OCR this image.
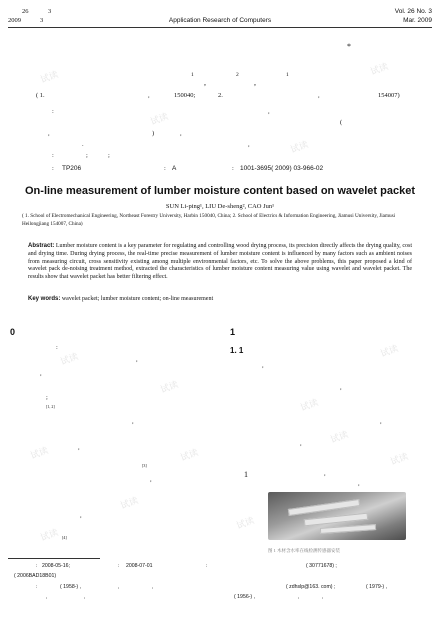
26	3
2009	3	Application Research of Computers
Vol. 26 No. 3
Mar. 2009
*
1
,
2
,
1
( 1.	,	150040;	2.	,	154007)
:	,
(
,	)	,
,
.
:	;	;
: TP206	: A	: 1001-3695( 2009) 03-966-02
On-line measurement of lumber moisture content based on wavelet packet
SUN Li-ping¹, LIU De-sheng², CAO Jun¹
( 1. School of Electromechanical Engineering, Northeast Forestry University, Harbin 150040, China; 2. School of Electrics & Information Engineering, Jiamusi University, Jiamusi Heilongjiang 154007, China)
Abstract: Lumber moisture content is a key parameter for regulating and controlling wood drying process, its precision directly affects the drying quality, cost and drying time. During drying process, the real-time precise measurement of lumber moisture content is influenced by many factors such as ambient noises from measuring circuit, cross sensitivity existing among multiple environmental factors, etc. To solve the above problems, this paper proposed a kind of wavelet pack de-noising treatment method, extracted the characteristics of lumber moisture content measuring value using wavelet and wavelet packet. The results show that wavelet packet has better filtering effect.
Key words: wavelet packet; lumber moisture content; on-line measurement
0	1
1. 1
:
,
,
;
[1, 2]
,
,
[3]
,
,
[4]
,
,
,
,
1	,
,
图 1 木材含水率在线检测传感器安装
: 2008-05-16;	: 2008-07-01	:	( 30771678) ;
( 2006BAD18B01)
:	( 1958-) ,	,	,	( zdhslp@163. com) ;	( 1979-) ,
,	,	( 1956-) ,	,	,
试读
试读
试读
试读
试读
试读
试读
试读
试读
试读
试读
试读
试读
试读
试读
